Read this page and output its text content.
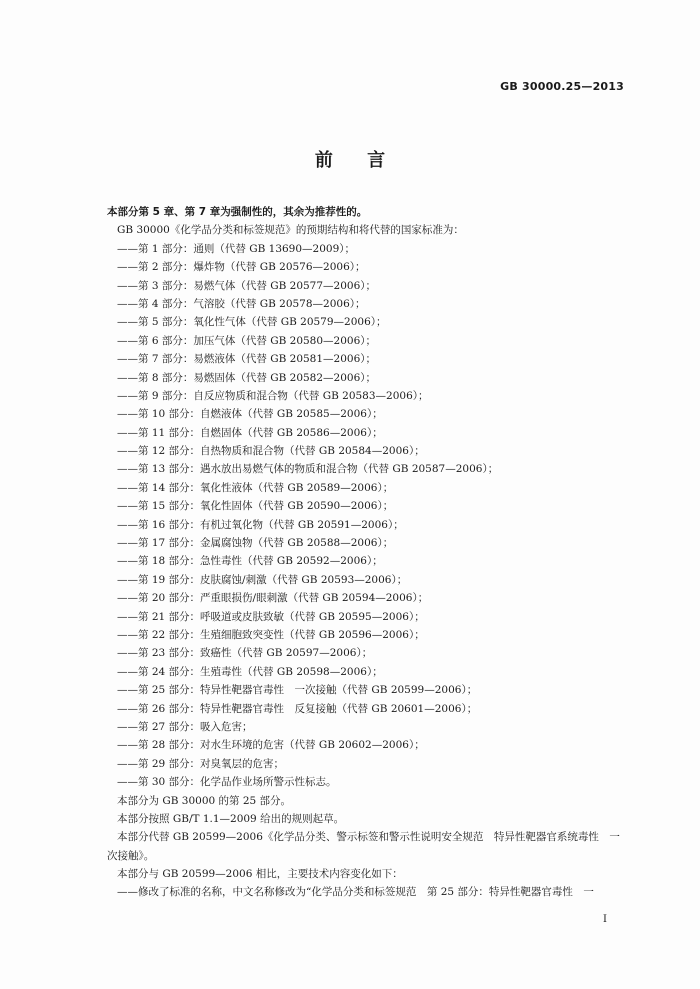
GB 30000.25—2013
前 言
本部分第 5 章、第 7 章为强制性的，其余为推荐性的。
GB 30000《化学品分类和标签规范》的预期结构和将代替的国家标准为：
——第 1 部分：通则（代替 GB 13690—2009）；
——第 2 部分：爆炸物（代替 GB 20576—2006）；
——第 3 部分：易燃气体（代替 GB 20577—2006）；
——第 4 部分：气溶胶（代替 GB 20578—2006）；
——第 5 部分：氧化性气体（代替 GB 20579—2006）；
——第 6 部分：加压气体（代替 GB 20580—2006）；
——第 7 部分：易燃液体（代替 GB 20581—2006）；
——第 8 部分：易燃固体（代替 GB 20582—2006）；
——第 9 部分：自反应物质和混合物（代替 GB 20583—2006）；
——第 10 部分：自燃液体（代替 GB 20585—2006）；
——第 11 部分：自燃固体（代替 GB 20586—2006）；
——第 12 部分：自热物质和混合物（代替 GB 20584—2006）；
——第 13 部分：遇水放出易燃气体的物质和混合物（代替 GB 20587—2006）；
——第 14 部分：氧化性液体（代替 GB 20589—2006）；
——第 15 部分：氧化性固体（代替 GB 20590—2006）；
——第 16 部分：有机过氧化物（代替 GB 20591—2006）；
——第 17 部分：金属腐蚀物（代替 GB 20588—2006）；
——第 18 部分：急性毒性（代替 GB 20592—2006）；
——第 19 部分：皮肤腐蚀/刺激（代替 GB 20593—2006）；
——第 20 部分：严重眼损伤/眼刺激（代替 GB 20594—2006）；
——第 21 部分：呼吸道或皮肤致敏（代替 GB 20595—2006）；
——第 22 部分：生殖细胞致突变性（代替 GB 20596—2006）；
——第 23 部分：致癌性（代替 GB 20597—2006）；
——第 24 部分：生殖毒性（代替 GB 20598—2006）；
——第 25 部分：特异性靶器官毒性　一次接触（代替 GB 20599—2006）；
——第 26 部分：特异性靶器官毒性　反复接触（代替 GB 20601—2006）；
——第 27 部分：吸入危害；
——第 28 部分：对水生环境的危害（代替 GB 20602—2006）；
——第 29 部分：对臭氧层的危害；
——第 30 部分：化学品作业场所警示性标志。
本部分为 GB 30000 的第 25 部分。
本部分按照 GB/T 1.1—2009 给出的规则起草。
本部分代替 GB 20599—2006《化学品分类、警示标签和警示性说明安全规范　特异性靶器官系统毒性　一次接触》。
本部分与 GB 20599—2006 相比，主要技术内容变化如下：
——修改了标准的名称，中文名称修改为“化学品分类和标签规范　第 25 部分：特异性靶器官毒性　一
I
